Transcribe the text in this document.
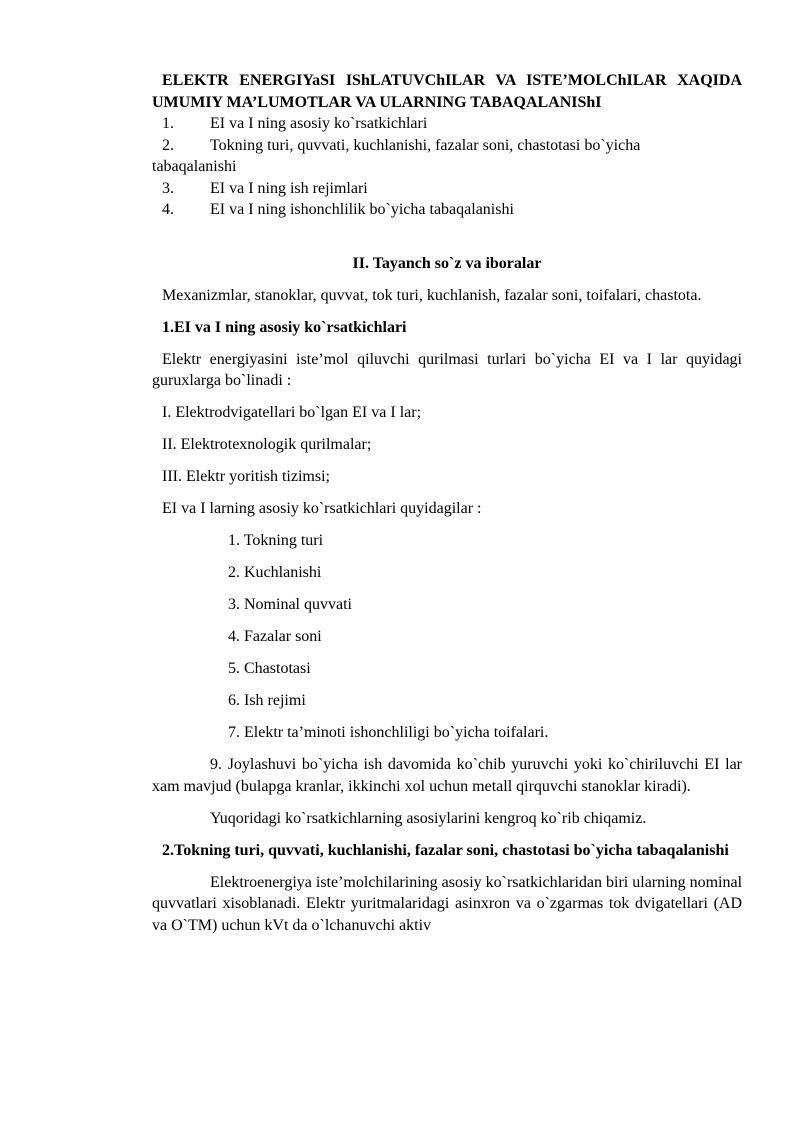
ELEKTR ENERGIYaSI IShLATUVChILAR VA ISTE’MOLChILAR XAQIDA UMUMIY MA’LUMOTLAR VA ULARNING TABAQALANIShI
1.	EI va I ning asosiy ko`rsatkichlari
2.	Tokning turi, quvvati, kuchlanishi, fazalar soni, chastotasi bo`yicha
tabaqalanishi
3.	EI va I ning ish rejimlari
4.	EI va I ning ishonchlilik bo`yicha tabaqalanishi
II. Tayanch so`z va iboralar
Mexanizmlar, stanoklar, quvvat, tok turi, kuchlanish, fazalar soni, toifalari, chastota.
1.EI va I ning asosiy ko`rsatkichlari
Elektr energiyasini iste’mol qiluvchi qurilmasi turlari bo`yicha EI va I lar quyidagi guruxlarga bo`linadi :
I. Elektrodvigatellari bo`lgan EI va I lar;
II. Elektrotexnologik qurilmalar;
III. Elektr yoritish tizimsi;
EI va I larning asosiy ko`rsatkichlari quyidagilar :
1. Tokning turi
2. Kuchlanishi
3. Nominal quvvati
4. Fazalar soni
5. Chastotasi
6. Ish rejimi
7. Elektr ta’minoti ishonchliligi bo`yicha toifalari.
9. Joylashuvi bo`yicha ish davomida ko`chib yuruvchi yoki ko`chiriluvchi EI lar xam mavjud (bulарga kranlar, ikkinchi xol uchun metall qirquvchi stanoklar kiradi).
Yuqoridagi ko`rsatkichlarning asosiylarini kengroq ko`rib chiqamiz.
2.Tokning turi, quvvati, kuchlanishi, fazalar soni, chastotasi bo`yicha tabaqalanishi
Elektroenergiya iste’molchilarining asosiy ko`rsatkichlaridan biri ularning nominal quvvatlari xisoblanadi. Elektr yuritmalaridagi asinxron va o`zgarmas tok dvigatellari (AD va O`TM) uchun kVt da o`lchanuvchi aktiv
